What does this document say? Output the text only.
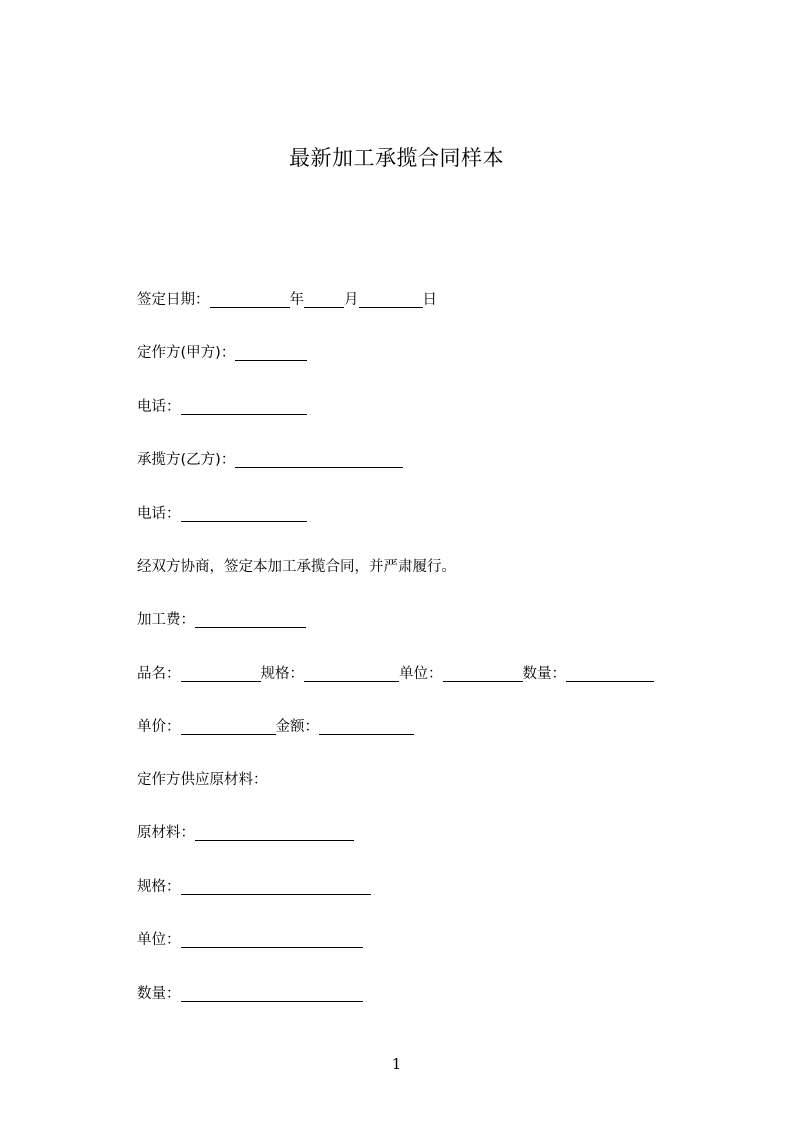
最新加工承揽合同样本
签定日期：	年	月	日
定作方(甲方)：
电话：
承揽方(乙方)：
电话：
经双方协商，签定本加工承揽合同，并严肃履行。
加工费：
品名：	规格：	单位：	数量：
单价：	金额：
定作方供应原材料：
原材料：
规格：
单位：
数量：
1
